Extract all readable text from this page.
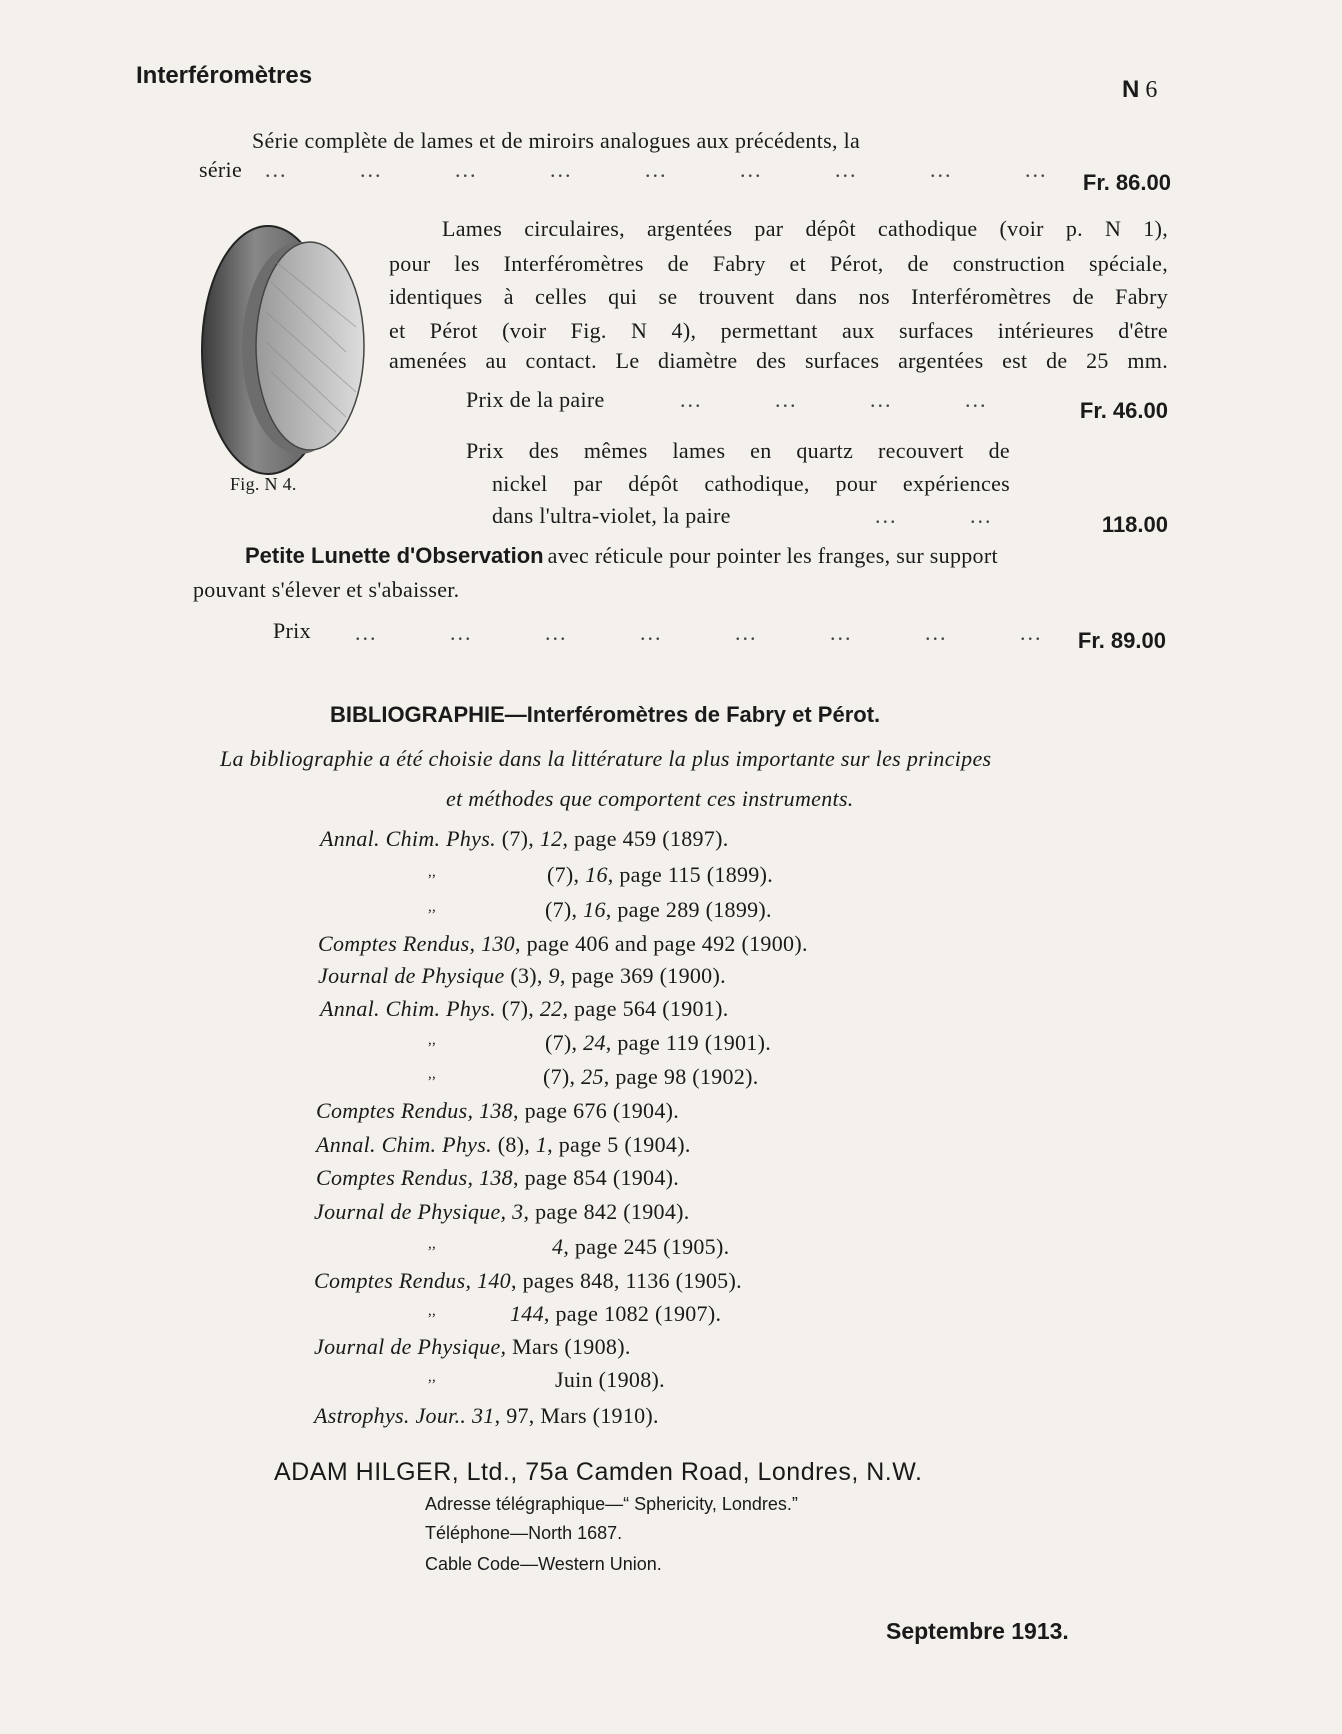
Interféromètres
N 6
Série complète de lames et de miroirs analogues aux précédents, la
série ...	...	...	...	...	...	...	...	...
Fr. 86.00
Fig. N 4.
Lames circulaires, argentées par dépôt cathodique (voir p. N 1),
pour les Interféromètres de Fabry et Pérot, de construction spéciale,
identiques à celles qui se trouvent dans nos Interféromètres de Fabry
et Pérot (voir Fig. N 4), permettant aux surfaces intérieures d'être
amenées au contact. Le diamètre des surfaces argentées est de 25 mm.
Prix de la paire	...	...	...	...	Fr. 46.00
Prix des mêmes lames en quartz recouvert de
nickel par dépôt cathodique, pour expériences
dans l'ultra-violet, la paire	...	...	118.00
Petite Lunette d'Observation avec réticule pour pointer les franges, sur support
pouvant s'élever et s'abaisser.
Prix ...	...	...	...	...	...	...	... Fr. 89.00
BIBLIOGRAPHIE—Interféromètres de Fabry et Pérot.
La bibliographie a été choisie dans la littérature la plus importante sur les principes
et méthodes que comportent ces instruments.
Annal. Chim. Phys. (7), 12, page 459 (1897).
,,	(7), 16, page 115 (1899).
,,	(7), 16, page 289 (1899).
Comptes Rendus, 130, page 406 and page 492 (1900).
Journal de Physique (3), 9, page 369 (1900).
Annal. Chim. Phys. (7), 22, page 564 (1901).
,,	(7), 24, page 119 (1901).
,,	(7), 25, page 98 (1902).
Comptes Rendus, 138, page 676 (1904).
Annal. Chim. Phys. (8), 1, page 5 (1904).
Comptes Rendus, 138, page 854 (1904).
Journal de Physique, 3, page 842 (1904).
,,	4, page 245 (1905).
Comptes Rendus, 140, pages 848, 1136 (1905).
,,	144, page 1082 (1907).
Journal de Physique, Mars (1908).
,,	Juin (1908).
Astrophys. Jour.. 31, 97, Mars (1910).
ADAM HILGER, Ltd., 75a Camden Road, Londres, N.W.
Adresse télégraphique—“ Sphericity, Londres.”
Téléphone—North 1687.
Cable Code—Western Union.
Septembre 1913.
